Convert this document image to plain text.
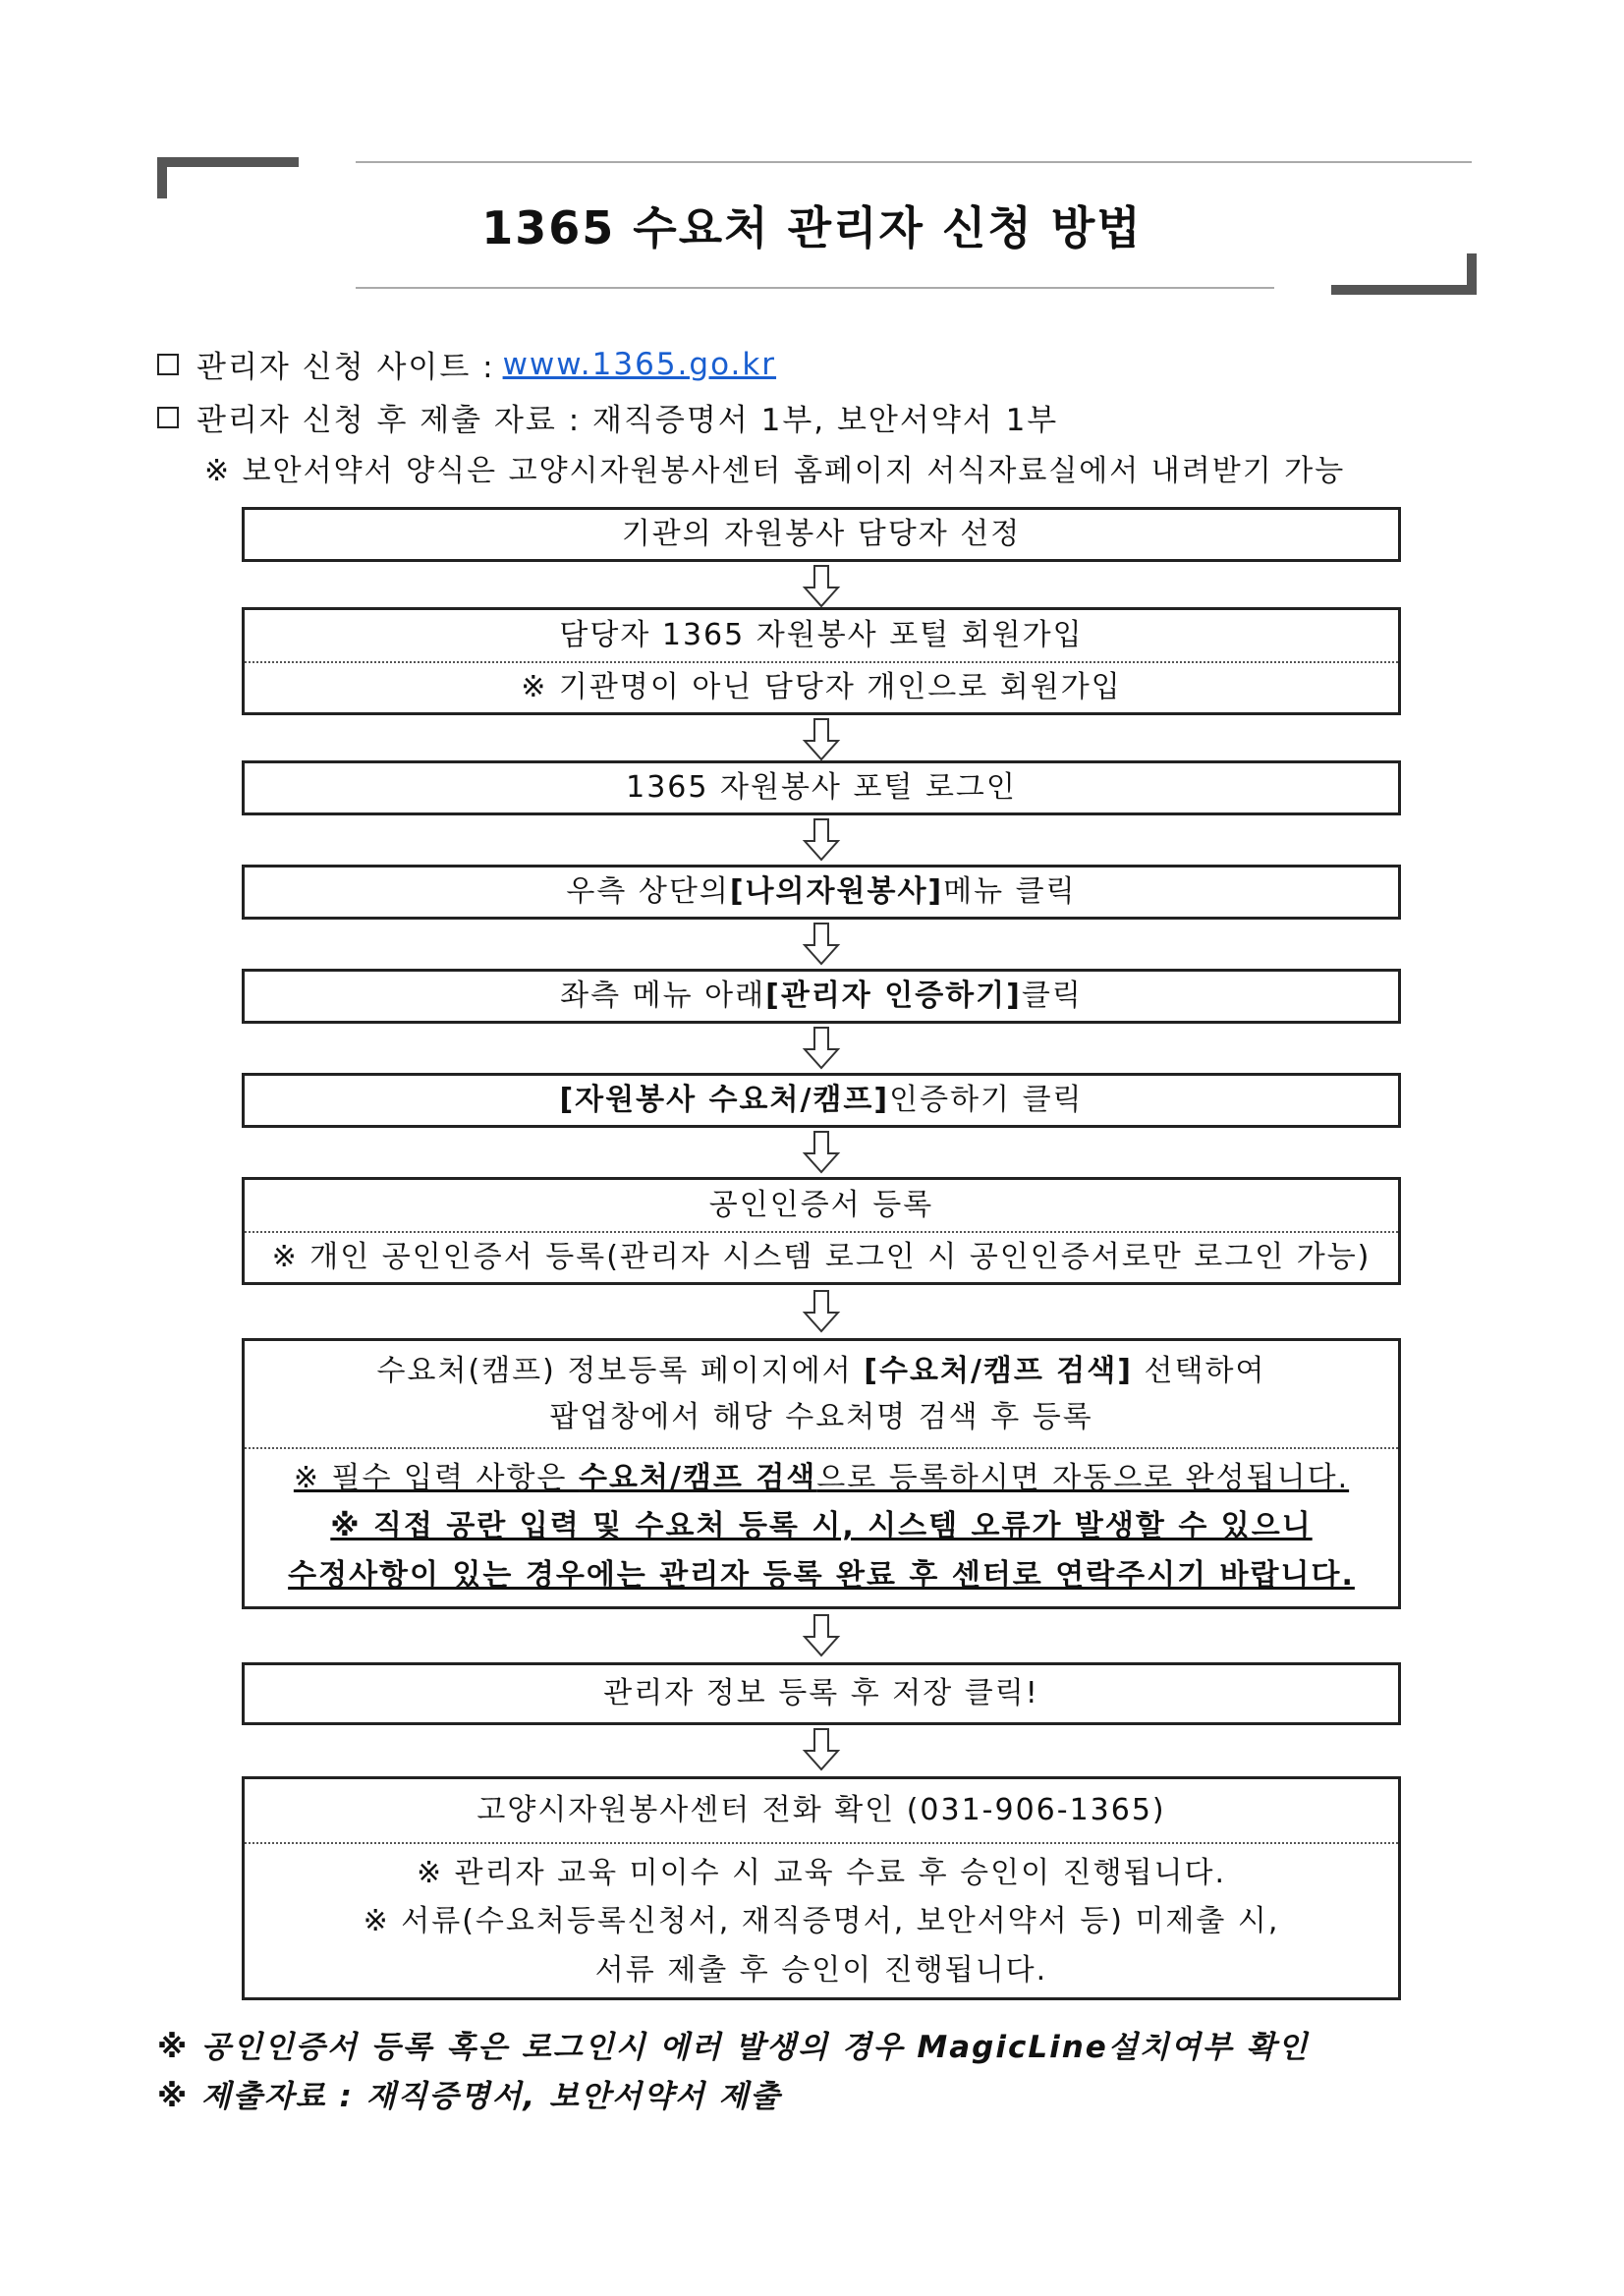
1365 수요처 관리자 신청 방법
관리자 신청 사이트 : www.1365.go.kr
관리자 신청 후 제출 자료 : 재직증명서 1부, 보안서약서 1부
※ 보안서약서 양식은 고양시자원봉사센터 홈페이지 서식자료실에서 내려받기 가능
기관의 자원봉사 담당자 선정
담당자 1365 자원봉사 포털 회원가입
※ 기관명이 아닌 담당자 개인으로 회원가입
1365 자원봉사 포털 로그인
우측 상단의 [나의자원봉사] 메뉴 클릭
좌측 메뉴 아래 [관리자 인증하기] 클릭
[자원봉사 수요처/캠프] 인증하기 클릭
공인인증서 등록
※ 개인 공인인증서 등록(관리자 시스템 로그인 시 공인인증서로만 로그인 가능)
수요처(캠프) 정보등록 페이지에서 [수요처/캠프 검색] 선택하여
팝업창에서 해당 수요처명 검색 후 등록
※ 필수 입력 사항은 수요처/캠프 검색으로 등록하시면 자동으로 완성됩니다.
※ 직접 공란 입력 및 수요처 등록 시, 시스템 오류가 발생할 수 있으니
수정사항이 있는 경우에는 관리자 등록 완료 후 센터로 연락주시기 바랍니다.
관리자 정보 등록 후 저장 클릭!
고양시자원봉사센터 전화 확인 (031-906-1365)
※ 관리자 교육 미이수 시 교육 수료 후 승인이 진행됩니다.
※ 서류(수요처등록신청서, 재직증명서, 보안서약서 등) 미제출 시,
서류 제출 후 승인이 진행됩니다.
※ 공인인증서 등록 혹은 로그인시 에러 발생의 경우 MagicLine설치여부 확인
※ 제출자료 : 재직증명서, 보안서약서 제출
